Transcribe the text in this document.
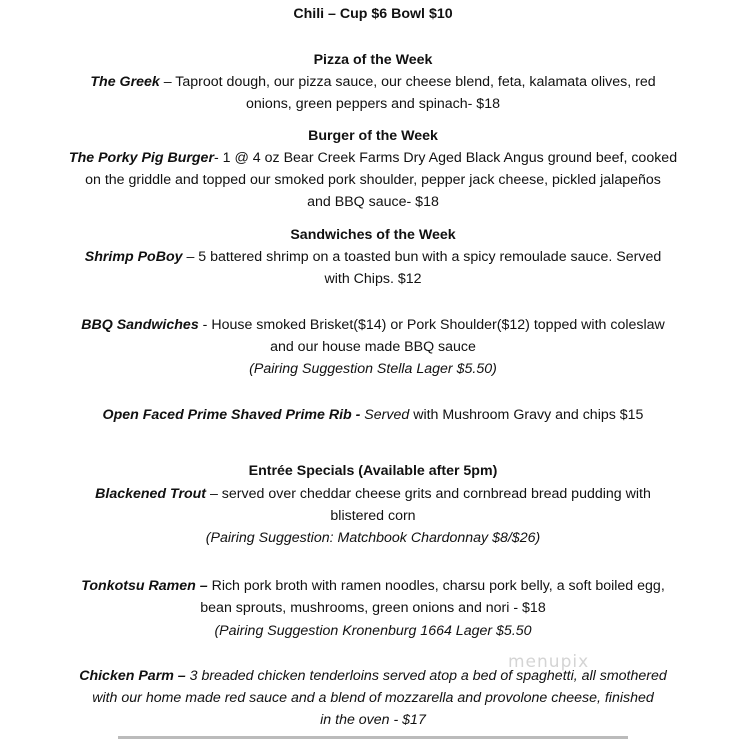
Chili – Cup $6 Bowl $10
Pizza of the Week
The Greek – Taproot dough, our pizza sauce, our cheese blend, feta, kalamata olives, red
onions, green peppers and spinach- $18
Burger of the Week
The Porky Pig Burger- 1 @ 4 oz Bear Creek Farms Dry Aged Black Angus ground beef, cooked
on the griddle and topped our smoked pork shoulder, pepper jack cheese, pickled jalapeños
and BBQ sauce- $18
Sandwiches of the Week
Shrimp PoBoy – 5 battered shrimp on a toasted bun with a spicy remoulade sauce. Served
with Chips. $12
BBQ Sandwiches - House smoked Brisket($14) or Pork Shoulder($12) topped with coleslaw
and our house made BBQ sauce
(Pairing Suggestion Stella Lager $5.50)
Open Faced Prime Shaved Prime Rib - Served with Mushroom Gravy and chips $15
Entrée Specials (Available after 5pm)
Blackened Trout – served over cheddar cheese grits and cornbread bread pudding with
blistered corn
(Pairing Suggestion: Matchbook Chardonnay $8/$26)
Tonkotsu Ramen – Rich pork broth with ramen noodles, charsu pork belly, a soft boiled egg,
bean sprouts, mushrooms, green onions and nori - $18
(Pairing Suggestion Kronenburg 1664 Lager $5.50
Chicken Parm – 3 breaded chicken tenderloins served atop a bed of spaghetti, all smothered
with our home made red sauce and a blend of mozzarella and provolone cheese, finished
in the oven - $17
menupix
